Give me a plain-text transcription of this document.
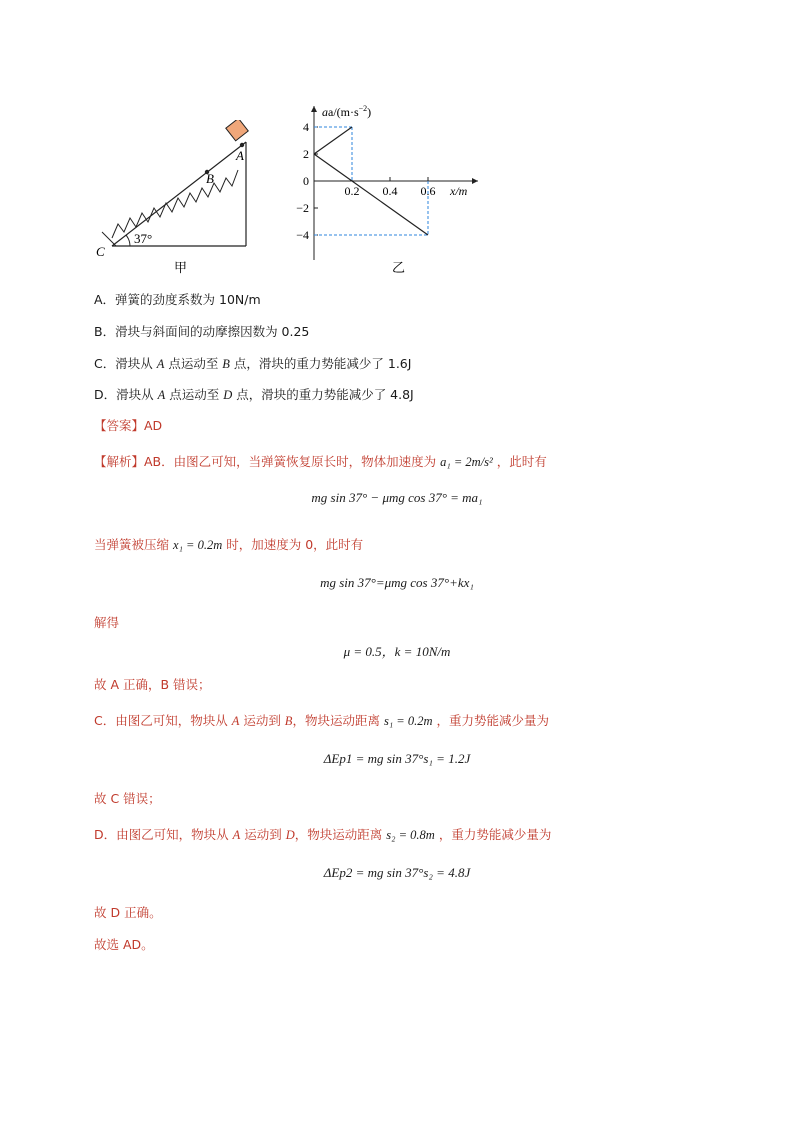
A
B
C
37°
甲
4
2
0
−2
−4
0.2 0.4 0.6
$aa/(m\cdot s^{-2})$
x/m
乙
A．弹簧的劲度系数为 10N/m
B．滑块与斜面间的动摩擦因数为 0.25
C．滑块从 A 点运动至 B 点，滑块的重力势能减少了 1.6J
D．滑块从 A 点运动至 D 点，滑块的重力势能减少了 4.8J
【答案】AD
【解析】AB．由图乙可知，当弹簧恢复原长时，物体加速度为 a₁ = 2m/s² ，此时有
mg sin 37° − μmg cos 37° = ma₁
当弹簧被压缩 x₁ = 0.2m 时，加速度为 0，此时有
mg sin 37°=μmg cos 37°+kx₁
解得
μ = 0.5，k = 10N/m
故 A 正确，B 错误；
C．由图乙可知，物块从 A 运动到 B，物块运动距离 s₁ = 0.2m ，重力势能减少量为
ΔEp1 = mg sin 37°s₁ = 1.2J
故 C 错误；
D．由图乙可知，物块从 A 运动到 D，物块运动距离 s₂ = 0.8m ，重力势能减少量为
ΔEp2 = mg sin 37°s₂ = 4.8J
故 D 正确。
故选 AD。
